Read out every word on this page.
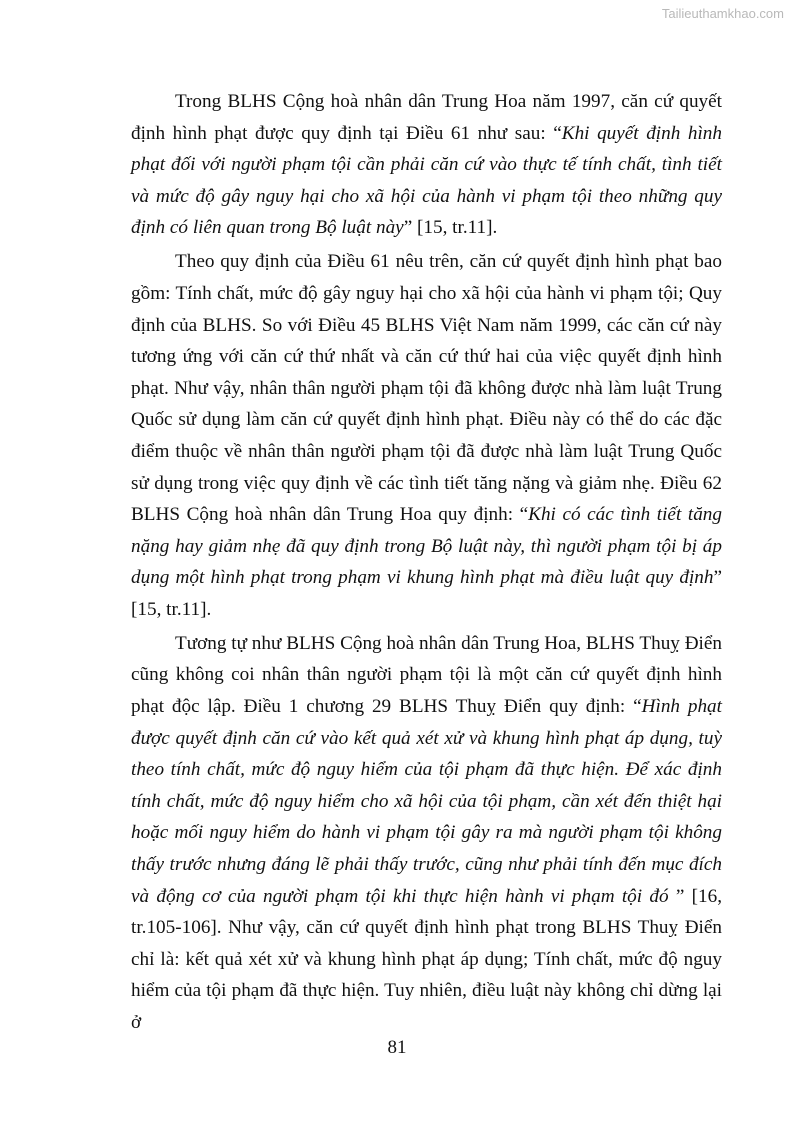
Tailieuthamkhao.com

Trong BLHS Cộng hoà nhân dân Trung Hoa năm 1997, căn cứ quyết định hình phạt được quy định tại Điều 61 như sau: “Khi quyết định hình phạt đối với người phạm tội cần phải căn cứ vào thực tế tính chất, tình tiết và mức độ gây nguy hại cho xã hội của hành vi phạm tội theo những quy định có liên quan trong Bộ luật này” [15, tr.11].

Theo quy định của Điều 61 nêu trên, căn cứ quyết định hình phạt bao gồm: Tính chất, mức độ gây nguy hại cho xã hội của hành vi phạm tội; Quy định của BLHS. So với Điều 45 BLHS Việt Nam năm 1999, các căn cứ này tương ứng với căn cứ thứ nhất và căn cứ thứ hai của việc quyết định hình phạt. Như vậy, nhân thân người phạm tội đã không được nhà làm luật Trung Quốc sử dụng làm căn cứ quyết định hình phạt. Điều này có thể do các đặc điểm thuộc về nhân thân người phạm tội đã được nhà làm luật Trung Quốc sử dụng trong việc quy định về các tình tiết tăng nặng và giảm nhẹ. Điều 62 BLHS Cộng hoà nhân dân Trung Hoa quy định: “Khi có các tình tiết tăng nặng hay giảm nhẹ đã quy định trong Bộ luật này, thì người phạm tội bị áp dụng một hình phạt trong phạm vi khung hình phạt mà điều luật quy định” [15, tr.11].

Tương tự như BLHS Cộng hoà nhân dân Trung Hoa, BLHS Thuỵ Điển cũng không coi nhân thân người phạm tội là một căn cứ quyết định hình phạt độc lập. Điều 1 chương 29 BLHS Thuỵ Điển quy định: “Hình phạt được quyết định căn cứ vào kết quả xét xử và khung hình phạt áp dụng, tuỳ theo tính chất, mức độ nguy hiểm của tội phạm đã thực hiện. Để xác định tính chất, mức độ nguy hiểm cho xã hội của tội phạm, cần xét đến thiệt hại hoặc mối nguy hiểm do hành vi phạm tội gây ra mà người phạm tội không thấy trước nhưng đáng lẽ phải thấy trước, cũng như phải tính đến mục đích và động cơ của người phạm tội khi thực hiện hành vi phạm tội đó ” [16, tr.105-106]. Như vậy, căn cứ quyết định hình phạt trong BLHS Thuỵ Điển chỉ là: kết quả xét xử và khung hình phạt áp dụng; Tính chất, mức độ nguy hiểm của tội phạm đã thực hiện. Tuy nhiên, điều luật này không chỉ dừng lại ở

81
